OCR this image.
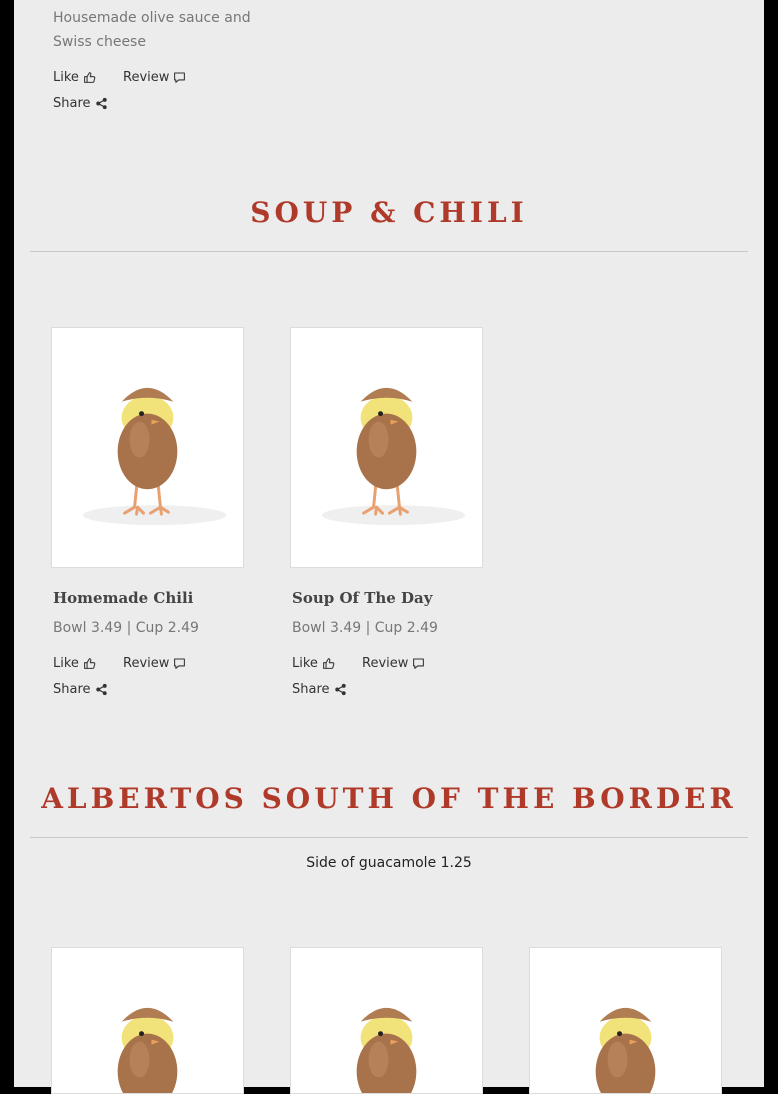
Housemade olive sauce and
Swiss cheese
Like	Review
Share
SOUP & CHILI
Homemade Chili
Bowl 3.49 | Cup 2.49
Like	Review
Share
Soup Of The Day
Bowl 3.49 | Cup 2.49
Like	Review
Share
ALBERTOS SOUTH OF THE BORDER
Side of guacamole 1.25
